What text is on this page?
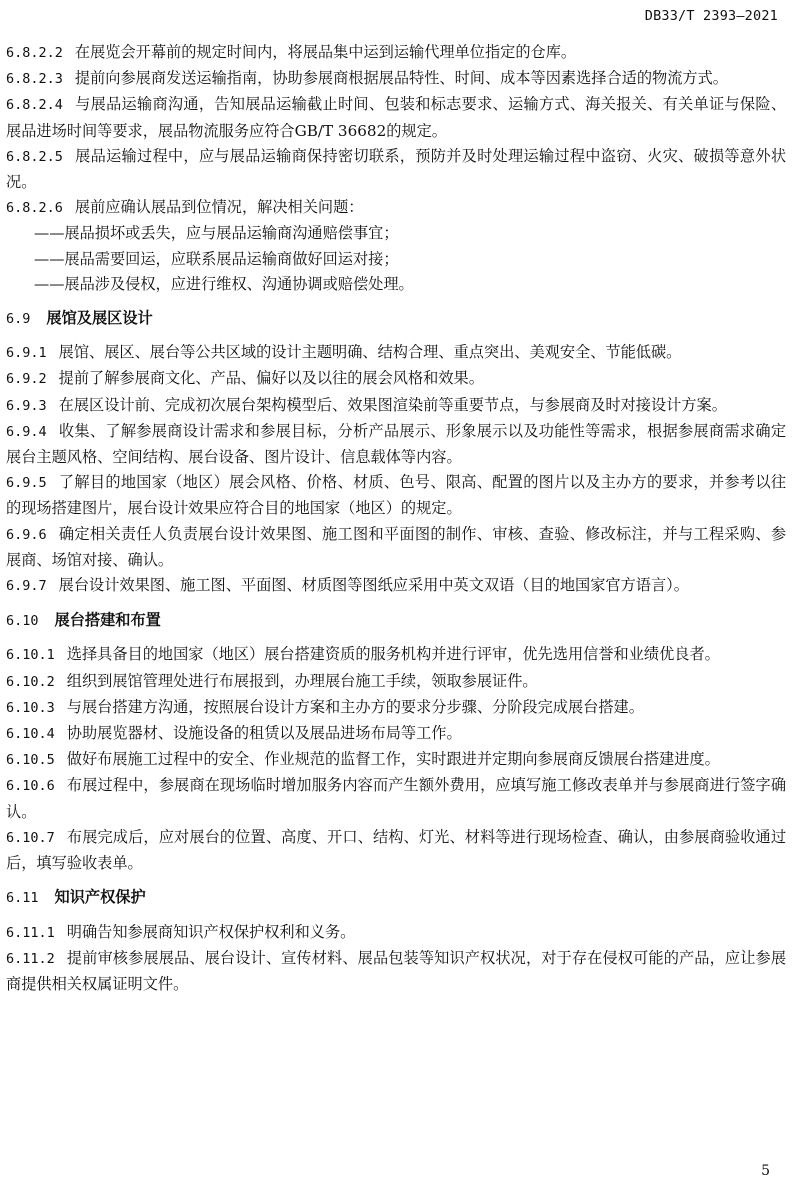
DB33/T 2393—2021
6.8.2.2 在展览会开幕前的规定时间内，将展品集中运到运输代理单位指定的仓库。
6.8.2.3 提前向参展商发送运输指南，协助参展商根据展品特性、时间、成本等因素选择合适的物流方式。
6.8.2.4 与展品运输商沟通，告知展品运输截止时间、包装和标志要求、运输方式、海关报关、有关单证与保险、展品进场时间等要求，展品物流服务应符合GB/T 36682的规定。
6.8.2.5 展品运输过程中，应与展品运输商保持密切联系，预防并及时处理运输过程中盗窃、火灾、破损等意外状况。
6.8.2.6 展前应确认展品到位情况，解决相关问题：
——展品损坏或丢失，应与展品运输商沟通赔偿事宜；
——展品需要回运，应联系展品运输商做好回运对接；
——展品涉及侵权，应进行维权、沟通协调或赔偿处理。
6.9 展馆及展区设计
6.9.1 展馆、展区、展台等公共区域的设计主题明确、结构合理、重点突出、美观安全、节能低碳。
6.9.2 提前了解参展商文化、产品、偏好以及以往的展会风格和效果。
6.9.3 在展区设计前、完成初次展台架构模型后、效果图渲染前等重要节点，与参展商及时对接设计方案。
6.9.4 收集、了解参展商设计需求和参展目标，分析产品展示、形象展示以及功能性等需求，根据参展商需求确定展台主题风格、空间结构、展台设备、图片设计、信息载体等内容。
6.9.5 了解目的地国家（地区）展会风格、价格、材质、色号、限高、配置的图片以及主办方的要求，并参考以往的现场搭建图片，展台设计效果应符合目的地国家（地区）的规定。
6.9.6 确定相关责任人负责展台设计效果图、施工图和平面图的制作、审核、查验、修改标注，并与工程采购、参展商、场馆对接、确认。
6.9.7 展台设计效果图、施工图、平面图、材质图等图纸应采用中英文双语（目的地国家官方语言）。
6.10 展台搭建和布置
6.10.1 选择具备目的地国家（地区）展台搭建资质的服务机构并进行评审，优先选用信誉和业绩优良者。
6.10.2 组织到展馆管理处进行布展报到，办理展台施工手续，领取参展证件。
6.10.3 与展台搭建方沟通，按照展台设计方案和主办方的要求分步骤、分阶段完成展台搭建。
6.10.4 协助展览器材、设施设备的租赁以及展品进场布局等工作。
6.10.5 做好布展施工过程中的安全、作业规范的监督工作，实时跟进并定期向参展商反馈展台搭建进度。
6.10.6 布展过程中，参展商在现场临时增加服务内容而产生额外费用，应填写施工修改表单并与参展商进行签字确认。
6.10.7 布展完成后，应对展台的位置、高度、开口、结构、灯光、材料等进行现场检查、确认，由参展商验收通过后，填写验收表单。
6.11 知识产权保护
6.11.1 明确告知参展商知识产权保护权利和义务。
6.11.2 提前审核参展展品、展台设计、宣传材料、展品包装等知识产权状况，对于存在侵权可能的产品，应让参展商提供相关权属证明文件。
5
